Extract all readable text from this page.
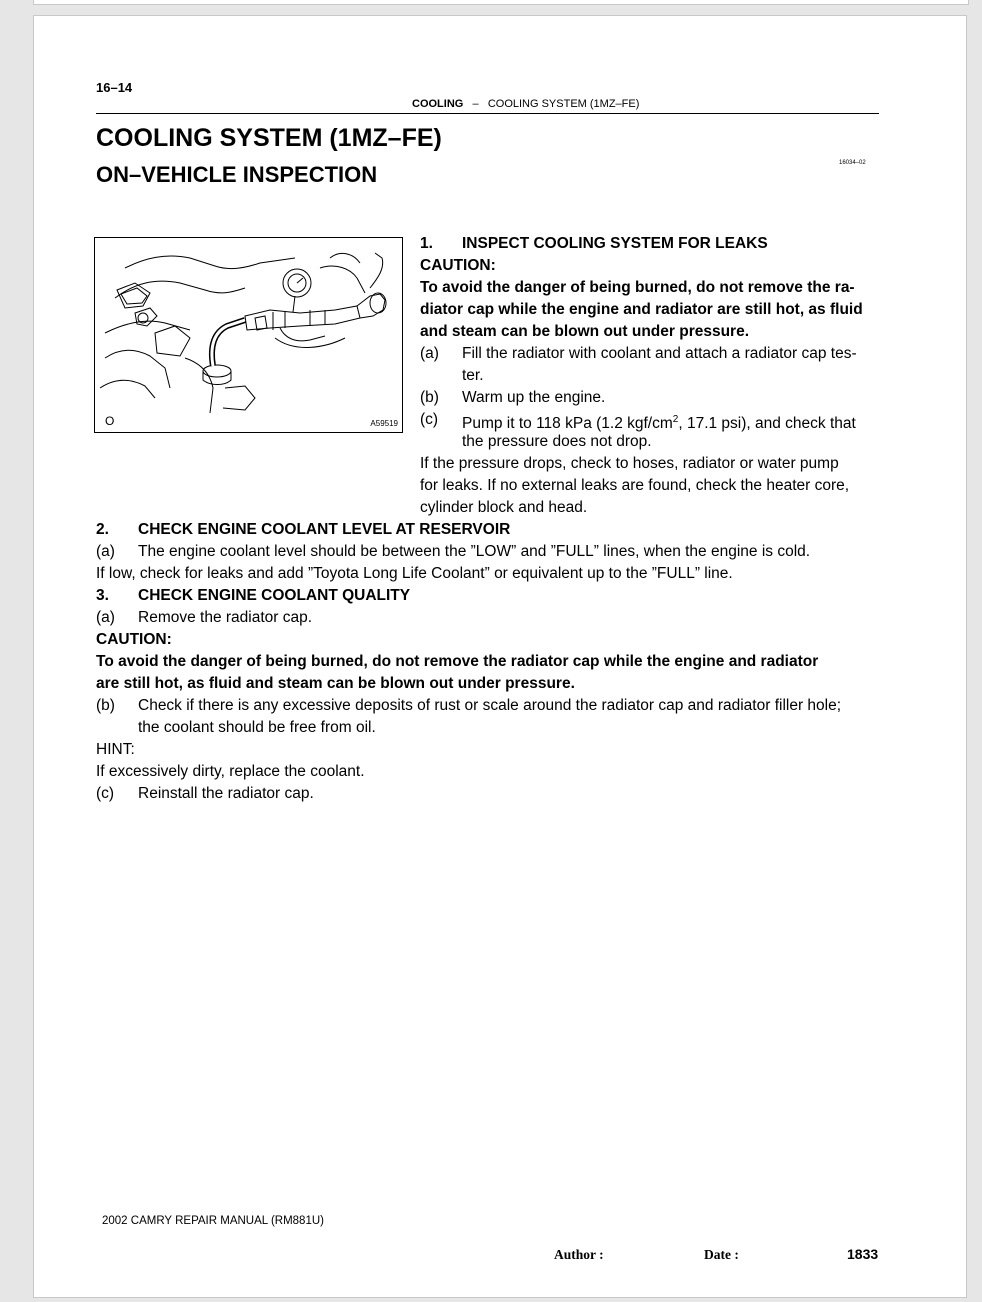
16–14
COOLING – COOLING SYSTEM (1MZ–FE)
COOLING SYSTEM (1MZ–FE)
ON–VEHICLE INSPECTION	16034–02
O	A59519
1. INSPECT COOLING SYSTEM FOR LEAKS
CAUTION:
To avoid the danger of being burned, do not remove the ra-
diator cap while the engine and radiator are still hot, as fluid
and steam can be blown out under pressure.
(a) Fill the radiator with coolant and attach a radiator cap tes-
ter.
(b) Warm up the engine.
(c) Pump it to 118 kPa (1.2 kgf/$cm^2$, 17.1 psi), and check that
the pressure does not drop.
If the pressure drops, check to hoses, radiator or water pump
for leaks. If no external leaks are found, check the heater core,
cylinder block and head.
2. CHECK ENGINE COOLANT LEVEL AT RESERVOIR
(a) The engine coolant level should be between the ”LOW” and ”FULL” lines, when the engine is cold.
If low, check for leaks and add ”Toyota Long Life Coolant” or equivalent up to the ”FULL” line.
3. CHECK ENGINE COOLANT QUALITY
(a) Remove the radiator cap.
CAUTION:
To avoid the danger of being burned, do not remove the radiator cap while the engine and radiator
are still hot, as fluid and steam can be blown out under pressure.
(b) Check if there is any excessive deposits of rust or scale around the radiator cap and radiator filler hole;
the coolant should be free from oil.
HINT:
If excessively dirty, replace the coolant.
(c) Reinstall the radiator cap.
2002 CAMRY REPAIR MANUAL (RM881U)
Author :	Date :	1833
